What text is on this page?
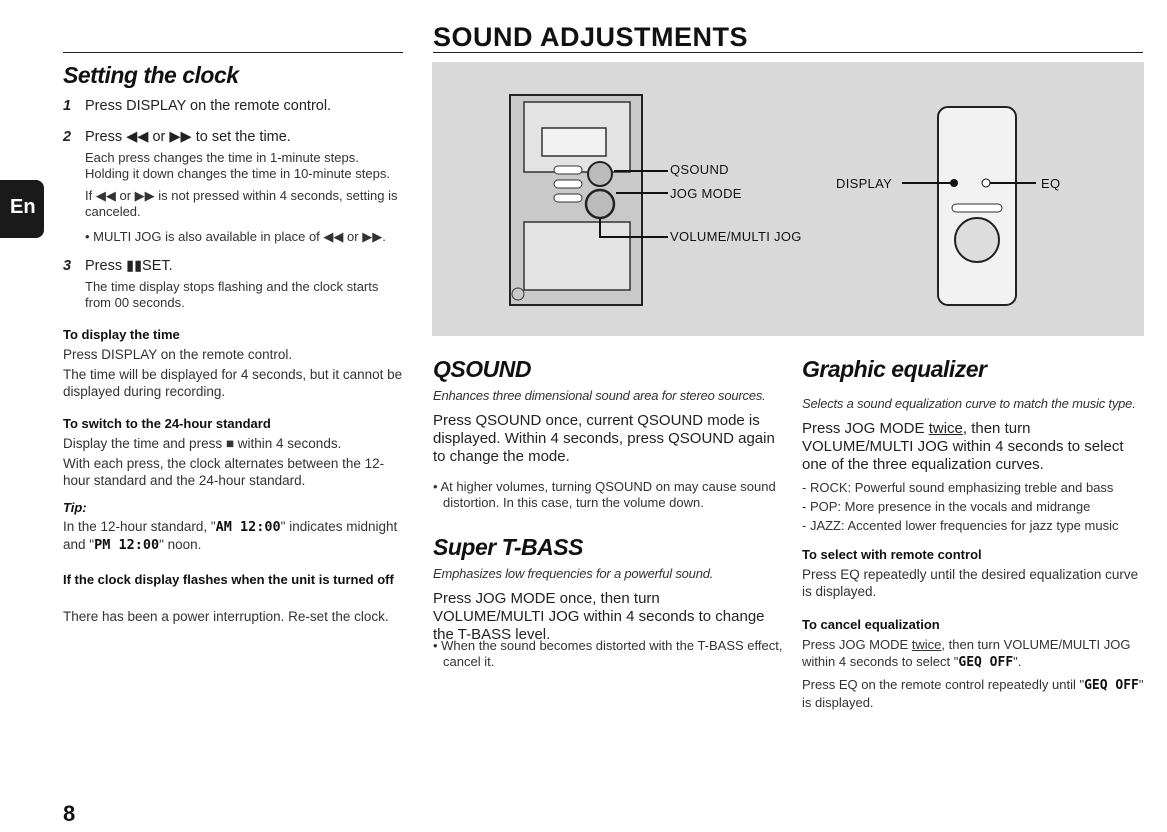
SOUND ADJUSTMENTS
En
Setting the clock
1 Press DISPLAY on the remote control.
2 Press ◀◀ or ▶▶ to set the time.
Each press changes the time in 1-minute steps. Holding it down changes the time in 10-minute steps.
If ◀◀ or ▶▶ is not pressed within 4 seconds, setting is canceled.
• MULTI JOG is also available in place of ◀◀ or ▶▶.
3 Press ▮▮SET.
The time display stops flashing and the clock starts from 00 seconds.
To display the time
Press DISPLAY on the remote control.
The time will be displayed for 4 seconds, but it cannot be displayed during recording.
To switch to the 24-hour standard
Display the time and press ■ within 4 seconds.
With each press, the clock alternates between the 12-hour standard and the 24-hour standard.
Tip:
In the 12-hour standard, "AM 12:00" indicates midnight and "PM 12:00" noon.
If the clock display flashes when the unit is turned off
There has been a power interruption. Re-set the clock.
8
QSOUND
JOG MODE
VOLUME/MULTI JOG
DISPLAY	EQ
QSOUND
Enhances three dimensional sound area for stereo sources.
Press QSOUND once, current QSOUND mode is displayed. Within 4 seconds, press QSOUND again to change the mode.
• At higher volumes, turning QSOUND on may cause sound distortion. In this case, turn the volume down.
Super T-BASS
Emphasizes low frequencies for a powerful sound.
Press JOG MODE once, then turn VOLUME/MULTI JOG within 4 seconds to change the T-BASS level.
• When the sound becomes distorted with the T-BASS effect, cancel it.
Graphic equalizer
Selects a sound equalization curve to match the music type.
Press JOG MODE twice, then turn VOLUME/MULTI JOG within 4 seconds to select one of the three equalization curves.
- ROCK: Powerful sound emphasizing treble and bass
- POP: More presence in the vocals and midrange
- JAZZ: Accented lower frequencies for jazz type music
To select with remote control
Press EQ repeatedly until the desired equalization curve is displayed.
To cancel equalization
Press JOG MODE twice, then turn VOLUME/MULTI JOG within 4 seconds to select "GEQ OFF".
Press EQ on the remote control repeatedly until "GEQ OFF" is displayed.
